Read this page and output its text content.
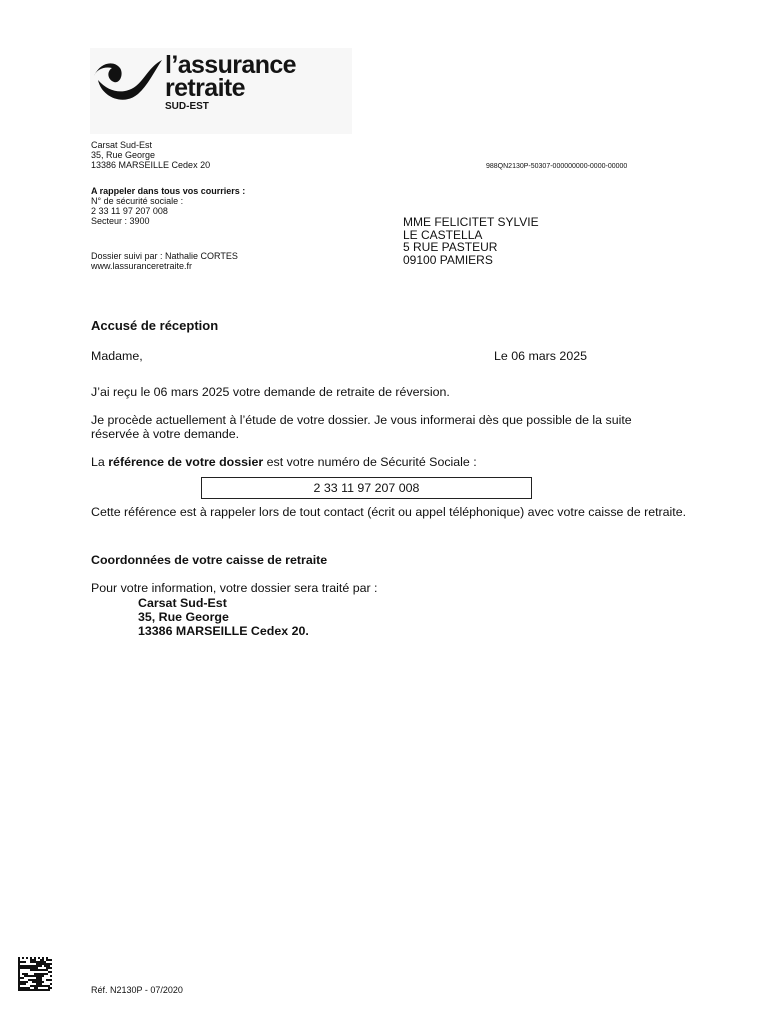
l’assurance
retraite
SUD-EST
Carsat Sud-Est
35, Rue George
13386 MARSEILLE Cedex 20	988QN2130P-50307-000000000-0000-00000
A rappeler dans tous vos courriers :
N° de sécurité sociale :
2 33 11 97 207 008
Secteur : 3900
Dossier suivi par : Nathalie CORTES
www.lassuranceretraite.fr
MME FELICITET SYLVIE
LE CASTELLA
5 RUE PASTEUR
09100 PAMIERS
Accusé de réception
Madame,	Le 06 mars 2025
J’ai reçu le 06 mars 2025 votre demande de retraite de réversion.
Je procède actuellement à l’étude de votre dossier. Je vous informerai dès que possible de la suite
réservée à votre demande.
La référence de votre dossier est votre numéro de Sécurité Sociale :
2 33 11 97 207 008
Cette référence est à rappeler lors de tout contact (écrit ou appel téléphonique) avec votre caisse de retraite.
Coordonnées de votre caisse de retraite
Pour votre information, votre dossier sera traité par :
Carsat Sud-Est
35, Rue George
13386 MARSEILLE Cedex 20.
Réf. N2130P - 07/2020
